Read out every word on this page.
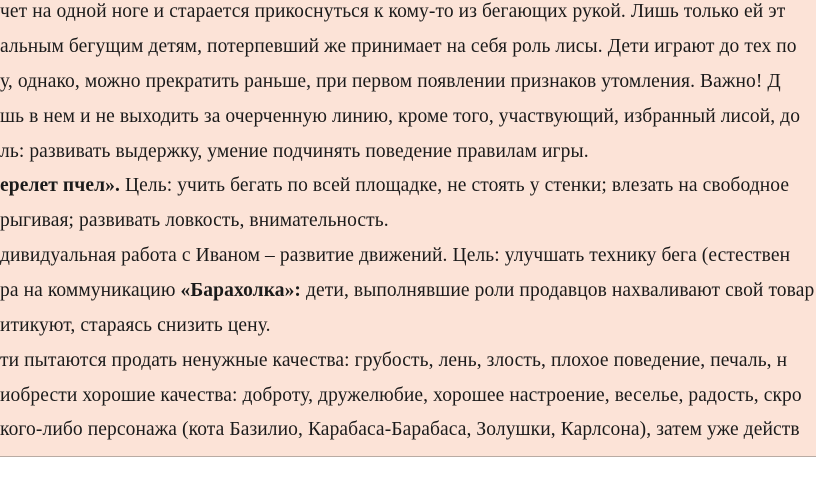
чет на одной ноге и старается прикоснуться к кому-то из бегающих рукой. Лишь только ей эт
альным бегущим детям, потерпевший же принимает на себя роль лисы. Дети играют до тех по
у, однако, можно прекратить раньше, при первом появлении признаков утомления. Важно! Д
шь в нем и не выходить за очерченную линию, кроме того, участвующий, избранный лисой, до
ль: развивать выдержку, умение подчинять поведение правилам игры.
ерелет пчел». Цель: учить бегать по всей площадке, не стоять у стенки; влезать на свободное
рыгивая; развивать ловкость, внимательность.
дивидуальная работа с Иваном – развитие движений. Цель: улучшать технику бега (естествен
ра на коммуникацию «Барахолка»: дети, выполнявшие роли продавцов нахваливают свой товар
итикуют, стараясь снизить цену.
ти пытаются продать ненужные качества: грубость, лень, злость, плохое поведение, печаль, н
иобрести хорошие качества: доброту, дружелюбие, хорошее настроение, веселье, радость, скро
кого-либо персонажа (кота Базилио, Карабаса-Барабаса, Золушки, Карлсона), затем уже действ
